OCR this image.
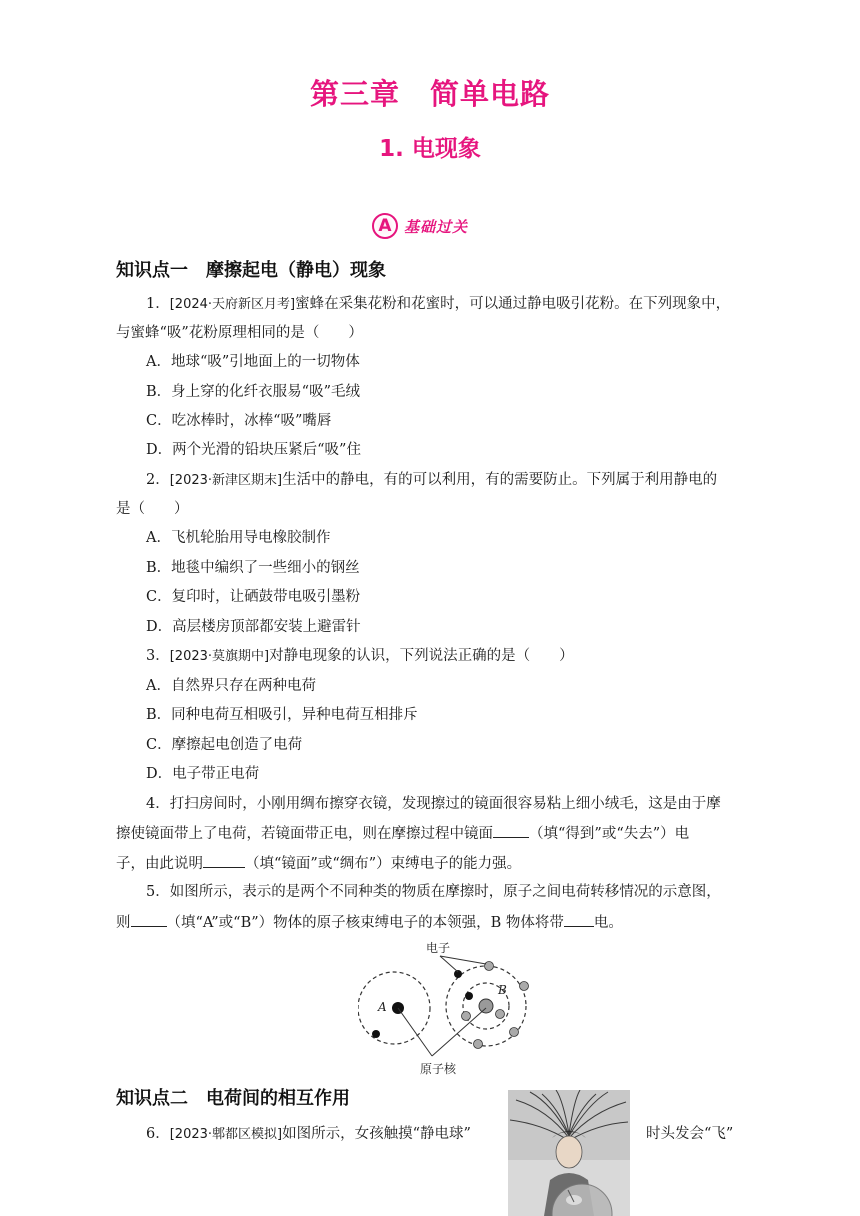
第三章　简单电路
1. 电现象
A 基础过关
知识点一　摩擦起电（静电）现象
1．[2024·天府新区月考]蜜蜂在采集花粉和花蜜时，可以通过静电吸引花粉。在下列现象中，
与蜜蜂“吸”花粉原理相同的是（　　）
A．地球“吸”引地面上的一切物体
B．身上穿的化纤衣服易“吸”毛绒
C．吃冰棒时，冰棒“吸”嘴唇
D．两个光滑的铅块压紧后“吸”住
2．[2023·新津区期末]生活中的静电，有的可以利用，有的需要防止。下列属于利用静电的
是（　　）
A．飞机轮胎用导电橡胶制作
B．地毯中编织了一些细小的钢丝
C．复印时，让硒鼓带电吸引墨粉
D．高层楼房顶部都安装上避雷针
3．[2023·莫旗期中]对静电现象的认识，下列说法正确的是（　　）
A．自然界只存在两种电荷
B．同种电荷互相吸引，异种电荷互相排斥
C．摩擦起电创造了电荷
D．电子带正电荷
4．打扫房间时，小刚用绸布擦穿衣镜，发现擦过的镜面很容易粘上细小绒毛，这是由于摩
擦使镜面带上了电荷，若镜面带正电，则在摩擦过程中镜面 （填“得到”或“失去”）电
子，由此说明	（填“镜面”或“绸布”）束缚电子的能力强。
5．如图所示，表示的是两个不同种类的物质在摩擦时，原子之间电荷转移情况的示意图，
则 （填“A”或“B”）物体的原子核束缚电子的本领强，B 物体将带 电。
电子
原子核
A
B
知识点二　电荷间的相互作用
6．[2023·郫都区模拟]如图所示，女孩触摸“静电球”	时头发会“飞”
